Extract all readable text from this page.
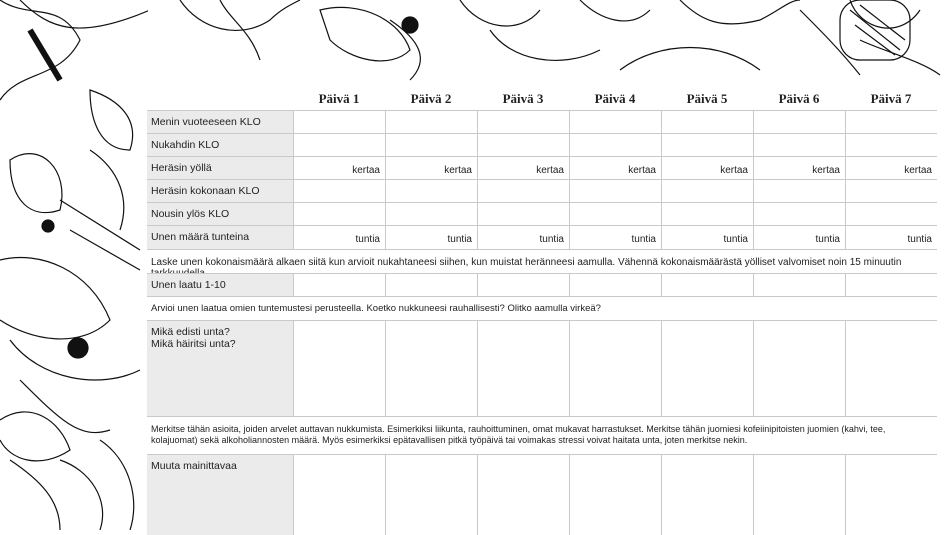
Päivä 1	Päivä 2	Päivä 3	Päivä 4	Päivä 5	Päivä 6	Päivä 7
Menin vuoteeseen KLO
Nukahdin KLO
Heräsin yöllä	kertaa	kertaa	kertaa	kertaa	kertaa	kertaa	kertaa
Heräsin kokonaan KLO
Nousin ylös KLO
Unen määrä tunteina	tuntia	tuntia	tuntia	tuntia	tuntia	tuntia	tuntia
Laske unen kokonaismäärä alkaen siitä kun arvioit nukahtaneesi siihen, kun muistat heränneesi aamulla. Vähennä kokonaismäärästä yölliset valvomiset noin 15 minuutin
Unen laatu 1-10
Arvioi unen laatua omien tuntemustesi perusteella. Koetko nukkuneesi rauhallisesti? Olitko aamulla virkeä?
Mikä edisti unta?
Mikä häiritsi unta?
Merkitse tähän asioita, joiden arvelet auttavan nukkumista. Esimerkiksi liikunta, rauhoittuminen, omat mukavat harrastukset. Merkitse tähän juomiesi kofeiinipitoisten juomien (kahvi, tee, kolajuomat) sekä alkoholiannosten määrä. Myös esimerkiksi epätavallisen pitkä työpäivä tai voimakas stressi voivat haitata unta, joten merkitse nekin.
Muuta mainittavaa
